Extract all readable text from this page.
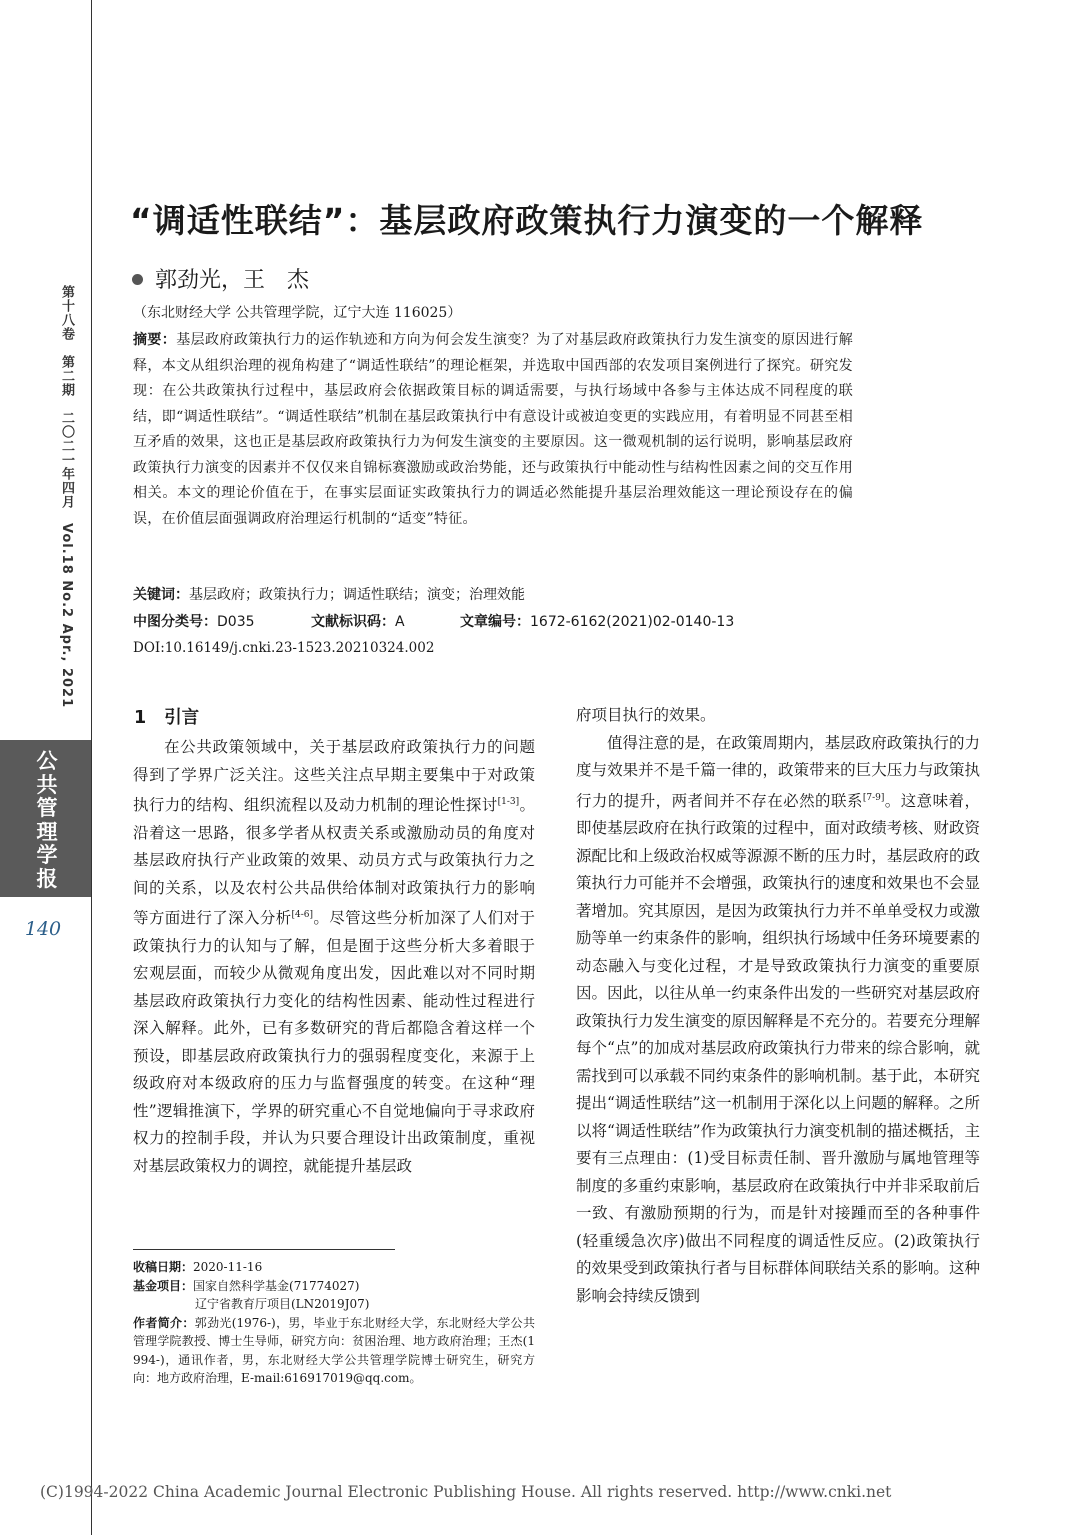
第十八卷　第二期　二〇二一年四月　Vol.18 No.2 Apr., 2021
公共管理学报
140
“调适性联结”：基层政府政策执行力演变的一个解释
郭劲光，王　杰
（东北财经大学 公共管理学院，辽宁大连 116025）
摘要：基层政府政策执行力的运作轨迹和方向为何会发生演变？为了对基层政府政策执行力发生演变的原因进行解释，本文从组织治理的视角构建了“调适性联结”的理论框架，并选取中国西部的农发项目案例进行了探究。研究发现：在公共政策执行过程中，基层政府会依据政策目标的调适需要，与执行场域中各参与主体达成不同程度的联结，即“调适性联结”。“调适性联结”机制在基层政策执行中有意设计或被迫变更的实践应用，有着明显不同甚至相互矛盾的效果，这也正是基层政府政策执行力为何发生演变的主要原因。这一微观机制的运行说明，影响基层政府政策执行力演变的因素并不仅仅来自锦标赛激励或政治势能，还与政策执行中能动性与结构性因素之间的交互作用相关。本文的理论价值在于，在事实层面证实政策执行力的调适必然能提升基层治理效能这一理论预设存在的偏误，在价值层面强调政府治理运行机制的“适变”特征。
关键词：基层政府；政策执行力；调适性联结；演变；治理效能
中图分类号：D035	文献标识码：A	文章编号：1672-6162(2021)02-0140-13
DOI:10.16149/j.cnki.23-1523.20210324.002
1 引言

在公共政策领域中，关于基层政府政策执行力的问题得到了学界广泛关注。这些关注点早期主要集中于对政策执行力的结构、组织流程以及动力机制的理论性探讨[1-3]。沿着这一思路，很多学者从权责关系或激励动员的角度对基层政府执行产业政策的效果、动员方式与政策执行力之间的关系，以及农村公共品供给体制对政策执行力的影响等方面进行了深入分析[4-6]。尽管这些分析加深了人们对于政策执行力的认知与了解，但是囿于这些分析大多着眼于宏观层面，而较少从微观角度出发，因此难以对不同时期基层政府政策执行力变化的结构性因素、能动性过程进行深入解释。此外，已有多数研究的背后都隐含着这样一个预设，即基层政府政策执行力的强弱程度变化，来源于上级政府对本级政府的压力与监督强度的转变。在这种“理性”逻辑推演下，学界的研究重心不自觉地偏向于寻求政府权力的控制手段，并认为只要合理设计出政策制度，重视对基层政策权力的调控，就能提升基层政

府项目执行的效果。

值得注意的是，在政策周期内，基层政府政策执行的力度与效果并不是千篇一律的，政策带来的巨大压力与政策执行力的提升，两者间并不存在必然的联系[7-9]。这意味着，即使基层政府在执行政策的过程中，面对政绩考核、财政资源配比和上级政治权威等源源不断的压力时，基层政府的政策执行力可能并不会增强，政策执行的速度和效果也不会显著增加。究其原因，是因为政策执行力并不单单受权力或激励等单一约束条件的影响，组织执行场域中任务环境要素的动态融入与变化过程，才是导致政策执行力演变的重要原因。因此，以往从单一约束条件出发的一些研究对基层政府政策执行力发生演变的原因解释是不充分的。若要充分理解每个“点”的加成对基层政府政策执行力带来的综合影响，就需找到可以承载不同约束条件的影响机制。基于此，本研究提出“调适性联结”这一机制用于深化以上问题的解释。之所以将“调适性联结”作为政策执行力演变机制的描述概括，主要有三点理由：(1)受目标责任制、晋升激励与属地管理等制度的多重约束影响，基层政府在政策执行中并非采取前后一致、有激励预期的行为，而是针对接踵而至的各种事件(轻重缓急次序)做出不同程度的调适性反应。(2)政策执行的效果受到政策执行者与目标群体间联结关系的影响。这种影响会持续反馈到

收稿日期：2020-11-16
基金项目：国家自然科学基金(71774027)
辽宁省教育厅项目(LN2019J07)
作者简介：郭劲光(1976-)，男，毕业于东北财经大学，东北财经大学公共管理学院教授、博士生导师，研究方向：贫困治理、地方政府治理；王杰(1994-)，通讯作者，男，东北财经大学公共管理学院博士研究生，研究方向：地方政府治理，E-mail:616917019@qq.com。
(C)1994-2022 China Academic Journal Electronic Publishing House. All rights reserved. http://www.cnki.net
